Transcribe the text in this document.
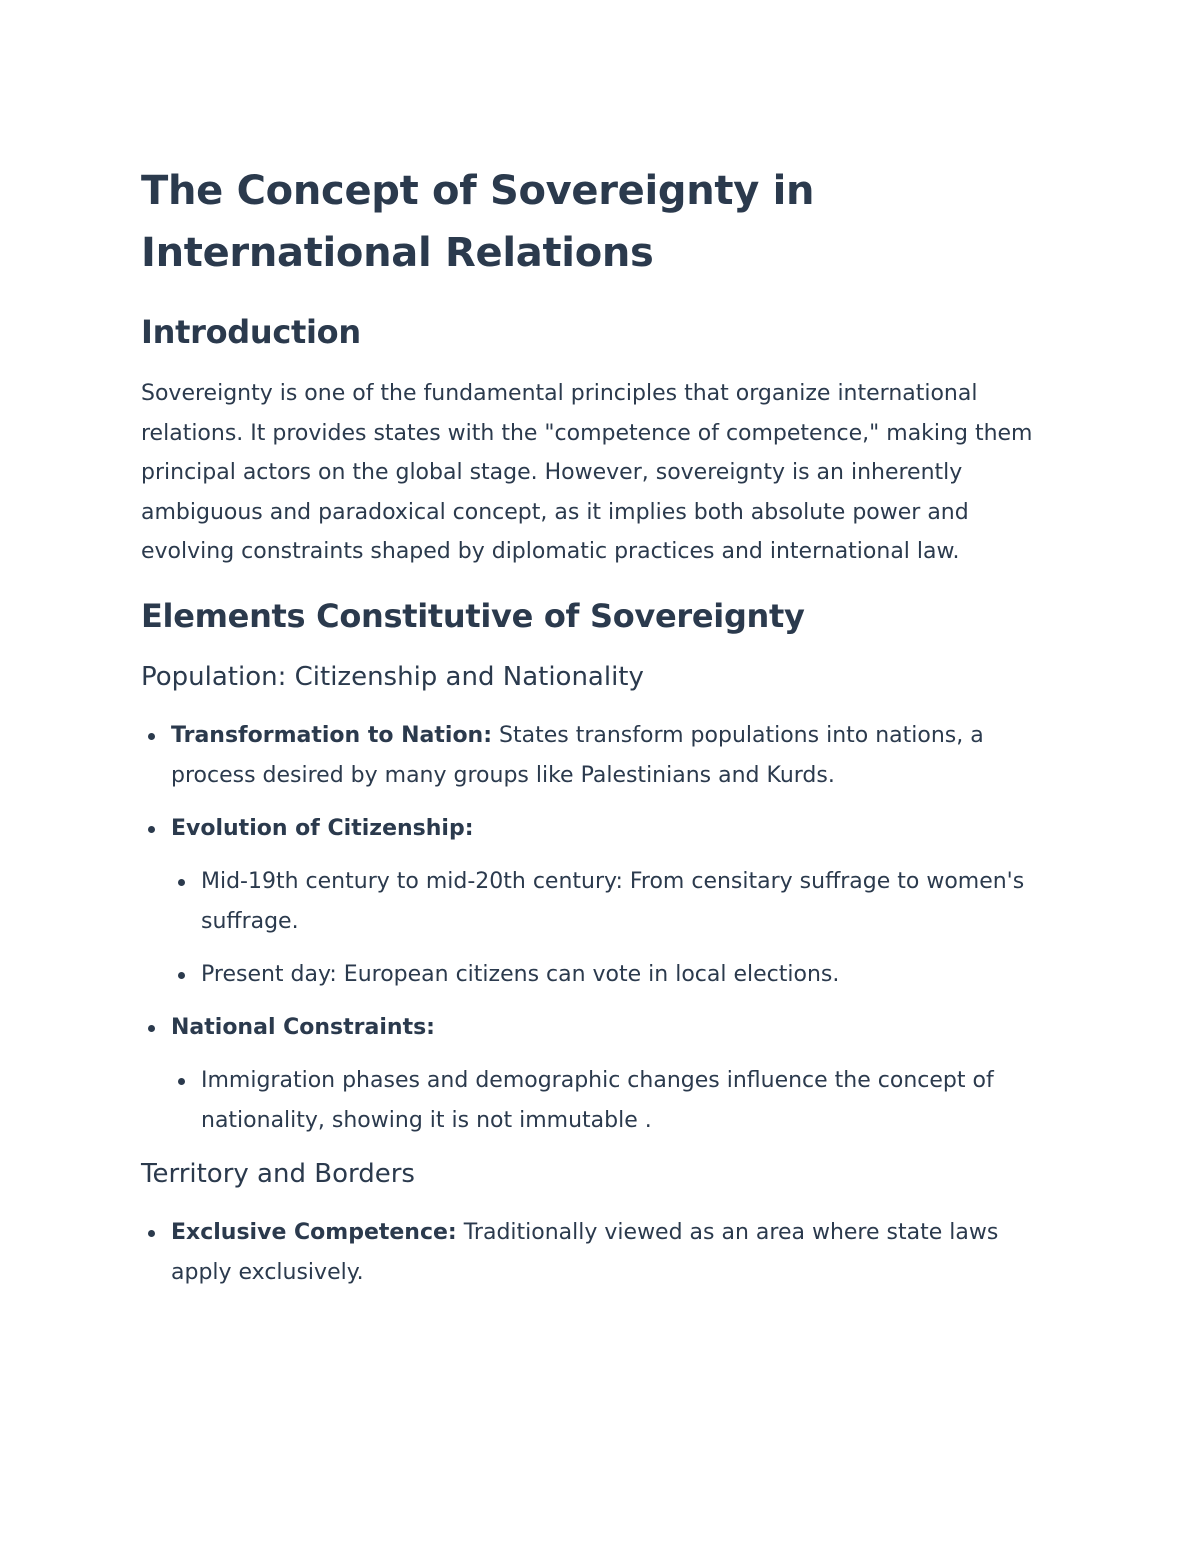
The Concept of Sovereignty in International Relations
Introduction

Sovereignty is one of the fundamental principles that organize international relations. It provides states with the "competence of competence," making them principal actors on the global stage. However, sovereignty is an inherently ambiguous and paradoxical concept, as it implies both absolute power and evolving constraints shaped by diplomatic practices and international law.

Elements Constitutive of Sovereignty
Population: Citizenship and Nationality
Transformation to Nation: States transform populations into nations, a process desired by many groups like Palestinians and Kurds.
Evolution of Citizenship:
Mid-19th century to mid-20th century: From censitary suffrage to women's suffrage.
Present day: European citizens can vote in local elections.
National Constraints:
Immigration phases and demographic changes influence the concept of nationality, showing it is not immutable .
Territory and Borders
Exclusive Competence: Traditionally viewed as an area where state laws apply exclusively.
